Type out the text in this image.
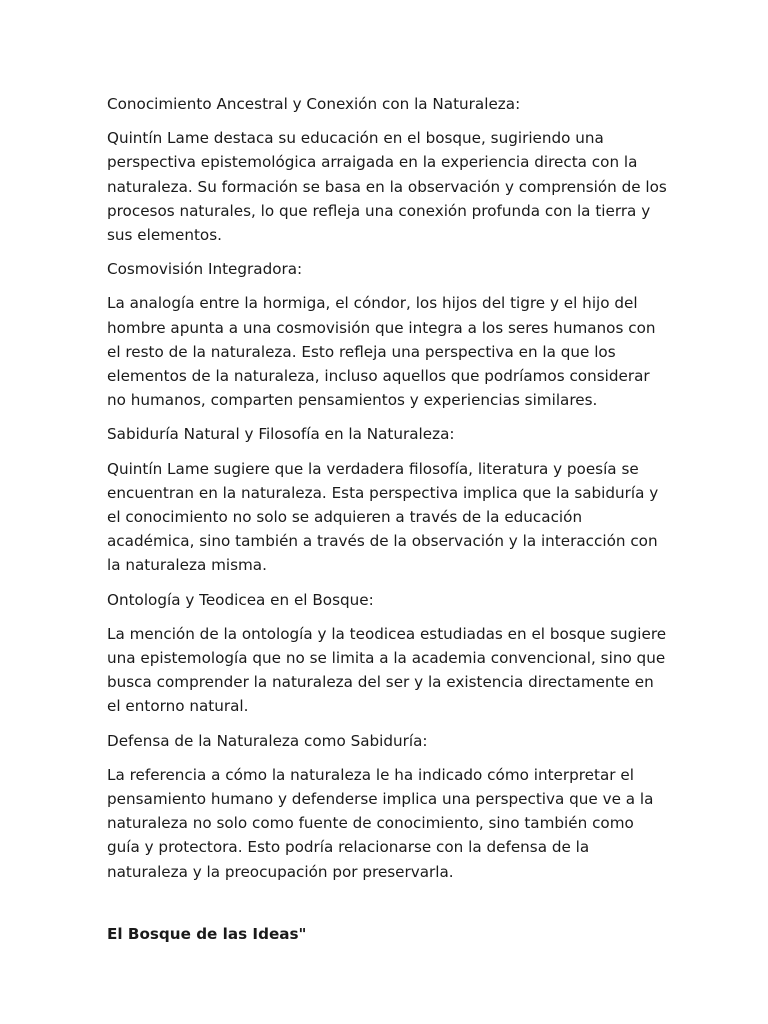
Conocimiento Ancestral y Conexión con la Naturaleza:

Quintín Lame destaca su educación en el bosque, sugiriendo una perspectiva epistemológica arraigada en la experiencia directa con la naturaleza. Su formación se basa en la observación y comprensión de los procesos naturales, lo que refleja una conexión profunda con la tierra y sus elementos.

Cosmovisión Integradora:

La analogía entre la hormiga, el cóndor, los hijos del tigre y el hijo del hombre apunta a una cosmovisión que integra a los seres humanos con el resto de la naturaleza. Esto refleja una perspectiva en la que los elementos de la naturaleza, incluso aquellos que podríamos considerar no humanos, comparten pensamientos y experiencias similares.

Sabiduría Natural y Filosofía en la Naturaleza:

Quintín Lame sugiere que la verdadera filosofía, literatura y poesía se encuentran en la naturaleza. Esta perspectiva implica que la sabiduría y el conocimiento no solo se adquieren a través de la educación académica, sino también a través de la observación y la interacción con la naturaleza misma.

Ontología y Teodicea en el Bosque:

La mención de la ontología y la teodicea estudiadas en el bosque sugiere una epistemología que no se limita a la academia convencional, sino que busca comprender la naturaleza del ser y la existencia directamente en el entorno natural.

Defensa de la Naturaleza como Sabiduría:

La referencia a cómo la naturaleza le ha indicado cómo interpretar el pensamiento humano y defenderse implica una perspectiva que ve a la naturaleza no solo como fuente de conocimiento, sino también como guía y protectora. Esto podría relacionarse con la defensa de la naturaleza y la preocupación por preservarla.

El Bosque de las Ideas"
